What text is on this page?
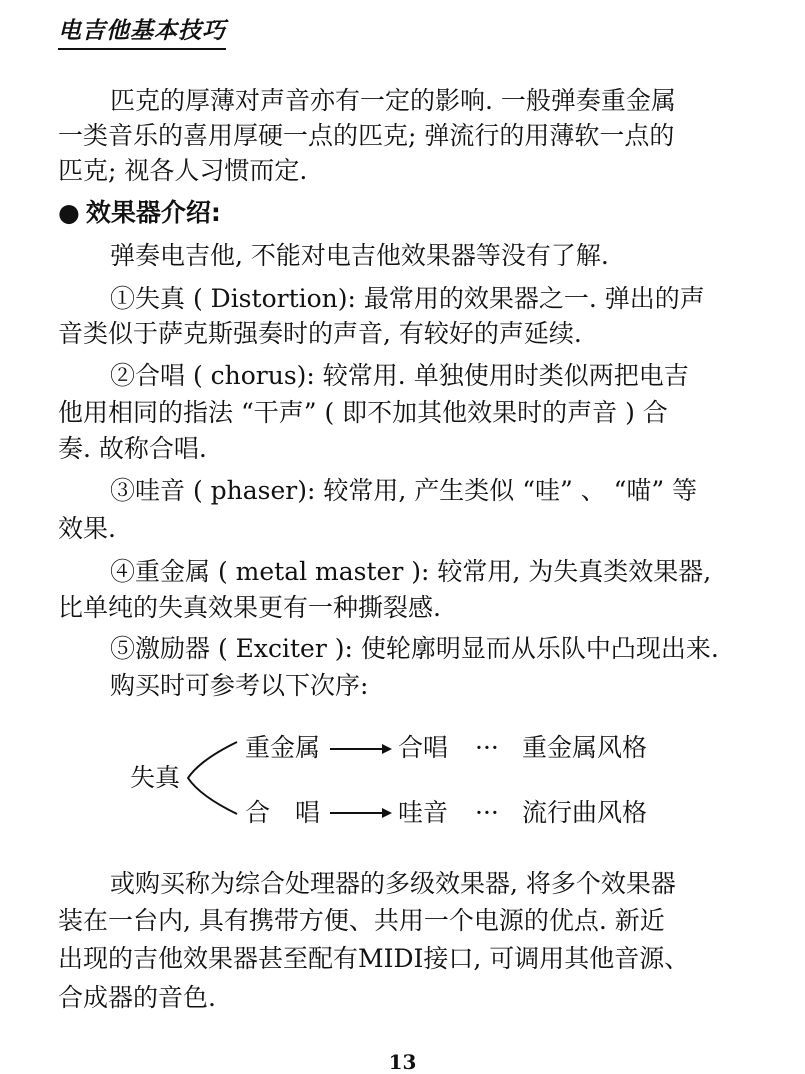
电吉他基本技巧
匹克的厚薄对声音亦有一定的影响. 一般弹奏重金属
一类音乐的喜用厚硬一点的匹克; 弹流行的用薄软一点的
匹克; 视各人习惯而定.
● 效果器介绍:
弹奏电吉他, 不能对电吉他效果器等没有了解.
①失真 ( Distortion): 最常用的效果器之一. 弹出的声
音类似于萨克斯强奏时的声音, 有较好的声延续.
②合唱 ( chorus): 较常用. 单独使用时类似两把电吉
他用相同的指法 “干声” ( 即不加其他效果时的声音 ) 合
奏. 故称合唱.
③哇音 ( phaser): 较常用, 产生类似 “哇” 、 “喵” 等
效果.
④重金属 ( metal master ): 较常用, 为失真类效果器,
比单纯的失真效果更有一种撕裂感.
⑤激励器 ( Exciter ): 使轮廓明显而从乐队中凸现出来.
购买时可参考以下次序:
失真
重金属	合唱 ··· 重金属风格
合　唱	哇音 ··· 流行曲风格
或购买称为综合处理器的多级效果器, 将多个效果器
装在一台内, 具有携带方便、共用一个电源的优点. 新近
出现的吉他效果器甚至配有MIDI接口, 可调用其他音源、
合成器的音色.
13
